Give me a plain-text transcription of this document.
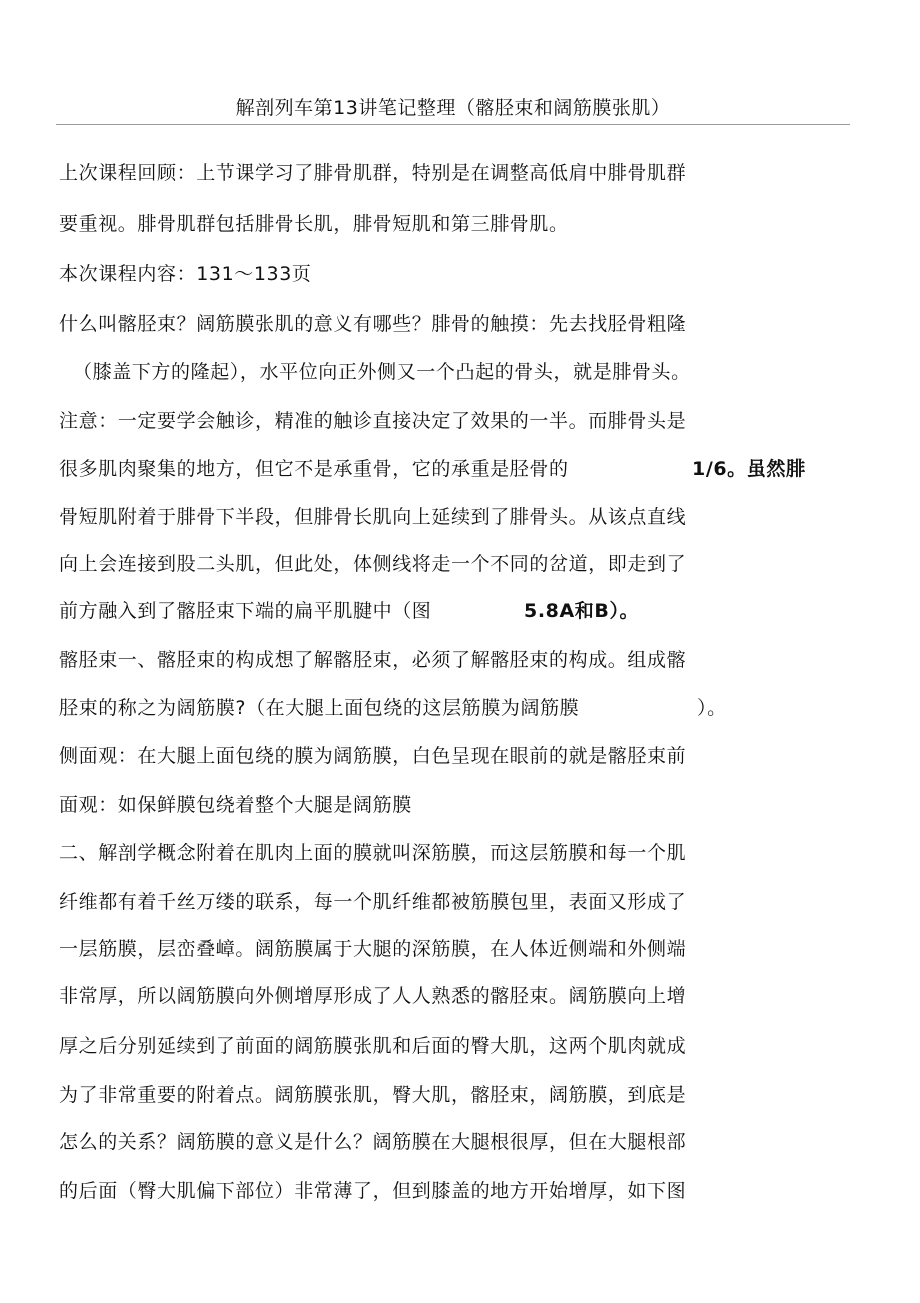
解剖列车第13讲笔记整理（髂胫束和阔筋膜张肌）
上次课程回顾：上节课学习了腓骨肌群，特别是在调整高低肩中腓骨肌群
要重视。腓骨肌群包括腓骨长肌，腓骨短肌和第三腓骨肌。
本次课程内容：131～133页
什么叫髂胫束？阔筋膜张肌的意义有哪些？腓骨的触摸：先去找胫骨粗隆
（膝盖下方的隆起），水平位向正外侧又一个凸起的骨头，就是腓骨头。
注意：一定要学会触诊，精准的触诊直接决定了效果的一半。而腓骨头是
很多肌肉聚集的地方，但它不是承重骨，它的承重是胫骨的	1/6。虽然腓
骨短肌附着于腓骨下半段，但腓骨长肌向上延续到了腓骨头。从该点直线
向上会连接到股二头肌，但此处，体侧线将走一个不同的岔道，即走到了
前方融入到了髂胫束下端的扁平肌腱中（图	5.8A和B）。
髂胫束一、髂胫束的构成想了解髂胫束，必须了解髂胫束的构成。组成髂
胫束的称之为阔筋膜?（在大腿上面包绕的这层筋膜为阔筋膜	）。
侧面观：在大腿上面包绕的膜为阔筋膜，白色呈现在眼前的就是髂胫束前
面观：如保鲜膜包绕着整个大腿是阔筋膜
二、解剖学概念附着在肌肉上面的膜就叫深筋膜，而这层筋膜和每一个肌
纤维都有着千丝万缕的联系，每一个肌纤维都被筋膜包里，表面又形成了
一层筋膜，层峦叠嶂。阔筋膜属于大腿的深筋膜，在人体近侧端和外侧端
非常厚，所以阔筋膜向外侧增厚形成了人人熟悉的髂胫束。阔筋膜向上增
厚之后分别延续到了前面的阔筋膜张肌和后面的臀大肌，这两个肌肉就成
为了非常重要的附着点。阔筋膜张肌，臀大肌，髂胫束，阔筋膜，到底是
怎么的关系？阔筋膜的意义是什么？阔筋膜在大腿根很厚，但在大腿根部
的后面（臀大肌偏下部位）非常薄了，但到膝盖的地方开始增厚，如下图
